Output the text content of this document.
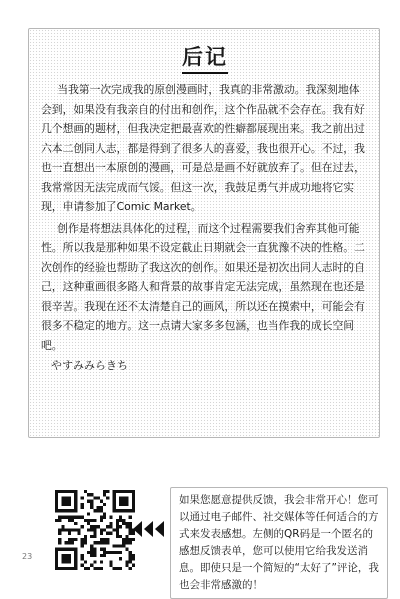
后记

当我第一次完成我的原创漫画时，我真的非常激动。我深刻地体会到，如果没有我亲自的付出和创作，这个作品就不会存在。我有好几个想画的题材，但我决定把最喜欢的性癖都展现出来。我之前出过六本二创同人志，都是得到了很多人的喜爱，我也很开心。不过，我也一直想出一本原创的漫画，可是总是画不好就放弃了。但在过去，我常常因无法完成而气馁。但这一次，我鼓足勇气并成功地将它实现，申请参加了Comic Market。

创作是将想法具体化的过程，而这个过程需要我们舍弃其他可能性。所以我是那种如果不设定截止日期就会一直犹豫不决的性格。二次创作的经验也帮助了我这次的创作。如果还是初次出同人志时的自己，这种重画很多路人和背景的故事肯定无法完成，虽然现在也还是很辛苦。我现在还不太清楚自己的画风，所以还在摸索中，可能会有很多不稳定的地方。这一点请大家多多包涵，也当作我的成长空间吧。

やすみみらきち
如果您愿意提供反馈，我会非常开心！您可以通过电子邮件、社交媒体等任何适合的方式来发表感想。左侧的QR码是一个匿名的感想反馈表单，您可以使用它给我发送消息。即使只是一个简短的“太好了”评论，我也会非常感激的！
23
